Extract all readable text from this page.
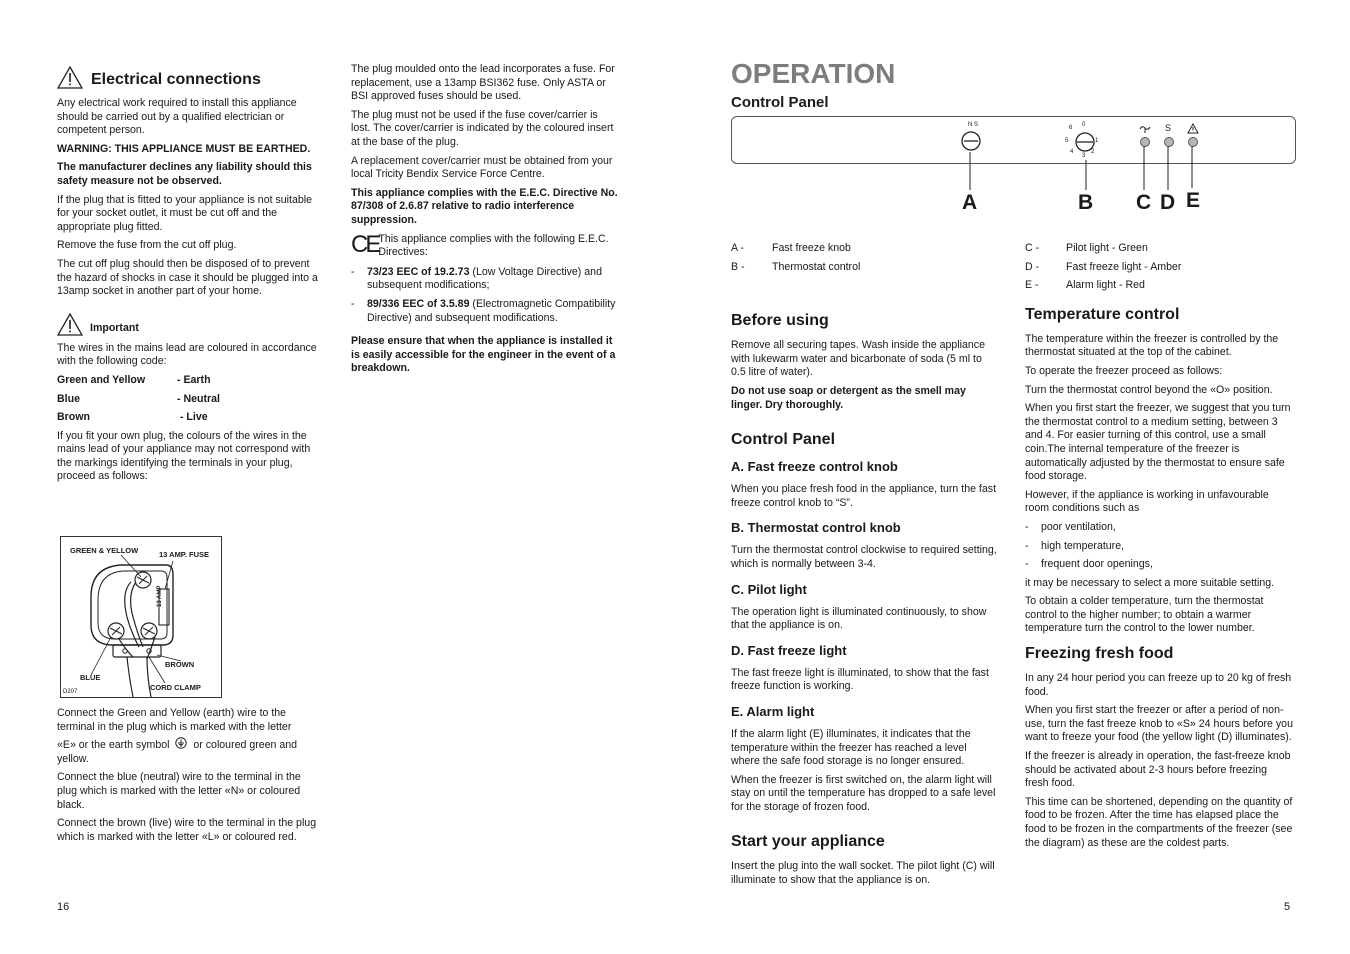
Electrical connections

Any electrical work required to install this appliance should be carried out by a qualified electrician or competent person.

WARNING: THIS APPLIANCE MUST BE EARTHED.

The manufacturer declines any liability should this safety measure not be observed.

If the plug that is fitted to your appliance is not suitable for your socket outlet, it must be cut off and the appropriate plug fitted.

Remove the fuse from the cut off plug.

The cut off plug should then be disposed of to prevent the hazard of shocks in case it should be plugged into a 13amp socket in another part of your home.

Important

The wires in the mains lead are coloured in accordance with the following code:

Green and Yellow	- Earth
Blue	- Neutral
Brown	- Live

If you fit your own plug, the colours of the wires in the mains lead of your appliance may not correspond with the markings identifying the terminals in your plug, proceed as follows:

GREEN & YELLOW	13 AMP. FUSE
13 AMP
BLUE
BROWN
CORD CLAMP
D207

Connect the Green and Yellow (earth) wire to the terminal in the plug which is marked with the letter

«E» or the earth symbol or coloured green and yellow.

Connect the blue (neutral) wire to the terminal in the plug which is marked with the letter «N» or coloured black.

Connect the brown (live) wire to the terminal in the plug which is marked with the letter «L» or coloured red.

16

The plug moulded onto the lead incorporates a fuse. For replacement, use a 13amp BSI362 fuse. Only ASTA or BSI approved fuses should be used.

The plug must not be used if the fuse cover/carrier is lost. The cover/carrier is indicated by the coloured insert at the base of the plug.

A replacement cover/carrier must be obtained from your local Tricity Bendix Service Force Centre.

This appliance complies with the E.E.C. Directive No. 87/308 of 2.6.87 relative to radio interference suppression.

CE This appliance complies with the following E.E.C. Directives:
-	73/23 EEC of 19.2.73 (Low Voltage Directive) and subsequent modifications;
-	89/336 EEC of 3.5.89 (Electromagnetic Compatibility Directive) and subsequent modifications.

Please ensure that when the appliance is installed it is easily accessible for the engineer in the event of a breakdown.

OPERATION
Control Panel
N S	0
1
2
3
4
5
6	S
A	B C D E
A -	Fast freeze knob
B -	Thermostat control
Before using

Remove all securing tapes. Wash inside the appliance with lukewarm water and bicarbonate of soda (5 ml to 0.5 litre of water).

Do not use soap or detergent as the smell may linger. Dry thoroughly.

Control Panel
A. Fast freeze control knob

When you place fresh food in the appliance, turn the fast freeze control knob to “S”.

B. Thermostat control knob

Turn the thermostat control clockwise to required setting, which is normally between 3-4.

C. Pilot light

The operation light is illuminated continuously, to show that the appliance is on.

D. Fast freeze light

The fast freeze light is illuminated, to show that the fast freeze function is working.

E. Alarm light

If the alarm light (E) illuminates, it indicates that the temperature within the freezer has reached a level where the safe food storage is no longer ensured.

When the freezer is first switched on, the alarm light will stay on until the temperature has dropped to a safe level for the storage of frozen food.

Start your appliance

Insert the plug into the wall socket. The pilot light (C) will illuminate to show that the appliance is on.

C -	Pilot light - Green
D -	Fast freeze light - Amber
E -	Alarm light - Red
Temperature control

The temperature within the freezer is controlled by the thermostat situated at the top of the cabinet.

To operate the freezer proceed as follows:

Turn the thermostat control beyond the «O» position.

When you first start the freezer, we suggest that you turn the thermostat control to a medium setting, between 3 and 4. For easier turning of this control, use a small coin.The internal temperature of the freezer is automatically adjusted by the thermostat to ensure safe food storage.

However, if the appliance is working in unfavourable room conditions such as

-	poor ventilation,
-	high temperature,
-	frequent door openings,

it may be necessary to select a more suitable setting.

To obtain a colder temperature, turn the thermostat control to the higher number; to obtain a warmer temperature turn the control to the lower number.

Freezing fresh food

In any 24 hour period you can freeze up to 20 kg of fresh food.

When you first start the freezer or after a period of non-use, turn the fast freeze knob to «S» 24 hours before you want to freeze your food (the yellow light (D) illuminates).

If the freezer is already in operation, the fast-freeze knob should be activated about 2-3 hours before freezing fresh food.

This time can be shortened, depending on the quantity of food to be frozen. After the time has elapsed place the food to be frozen in the compartments of the freezer (see the diagram) as these are the coldest parts.

5
